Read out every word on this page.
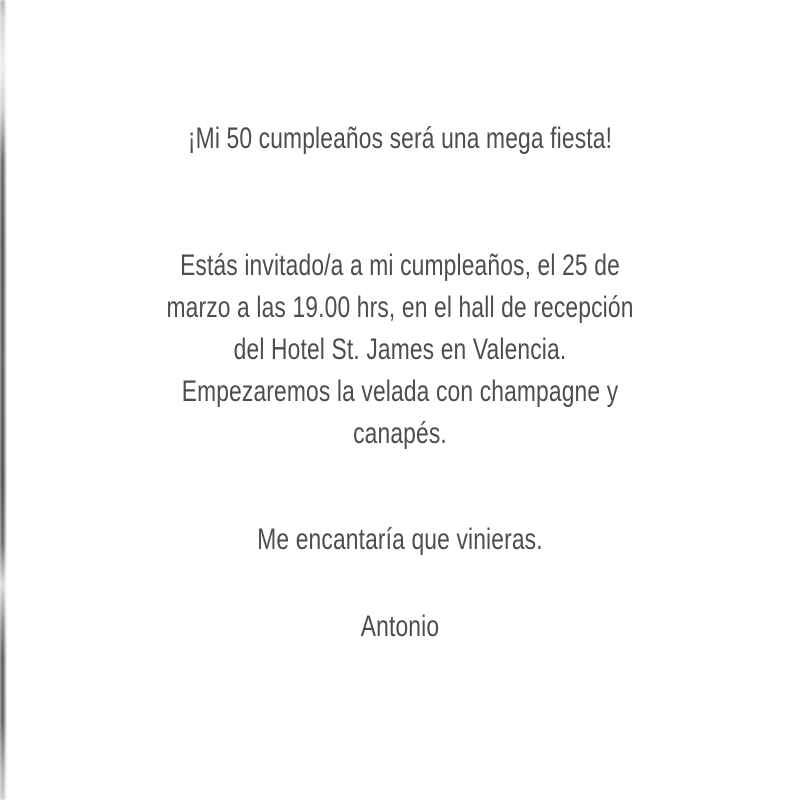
¡Mi 50 cumpleaños será una mega fiesta!
Estás invitado/a a mi cumpleaños, el 25 de
marzo a las 19.00 hrs, en el hall de recepción
del Hotel St. James en Valencia.
Empezaremos la velada con champagne y
canapés.
Me encantaría que vinieras.
Antonio
